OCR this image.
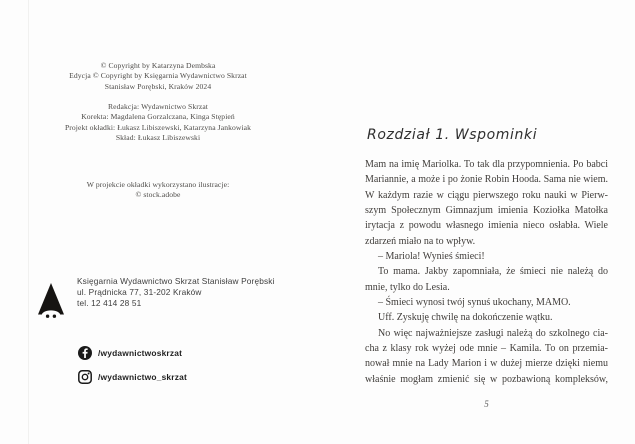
© Copyright by Katarzyna Dembska
Edycja © Copyright by Księgarnia Wydawnictwo Skrzat
Stanisław Porębski, Kraków 2024
Redakcja: Wydawnictwo Skrzat
Korekta: Magdalena Gorzalczana, Kinga Stępień
Projekt okładki: Łukasz Libiszewski, Katarzyna Jankowiak
Skład: Łukasz Libiszewski
W projekcie okładki wykorzystano ilustracje:
© stock.adobe
Księgarnia Wydawnictwo Skrzat Stanisław Porębski
ul. Prądnicka 77, 31-202 Kraków
tel. 12 414 28 51
/wydawnictwoskrzat
/wydawnictwo_skrzat
Rozdział 1. Wspominki
Mam na imię Mariolka. To tak dla przypomnienia. Po babci
Mariannie, a może i po żonie Robin Hooda. Sama nie wiem.
W każdym razie w ciągu pierwszego roku nauki w Pierw-
szym Społecznym Gimnazjum imienia Koziołka Matołka
irytacja z powodu własnego imienia nieco osłabła. Wiele
zdarzeń miało na to wpływ.
– Mariola! Wynieś śmieci!
To mama. Jakby zapomniała, że śmieci nie należą do
mnie, tylko do Lesia.
– Śmieci wynosi twój synuś ukochany, MAMO.
Uff. Zyskuję chwilę na dokończenie wątku.
No więc najważniejsze zasługi należą do szkolnego cia-
cha z klasy rok wyżej ode mnie – Kamila. To on przemia-
nował mnie na Lady Marion i w dużej mierze dzięki niemu
właśnie mogłam zmienić się w pozbawioną kompleksów,
5
